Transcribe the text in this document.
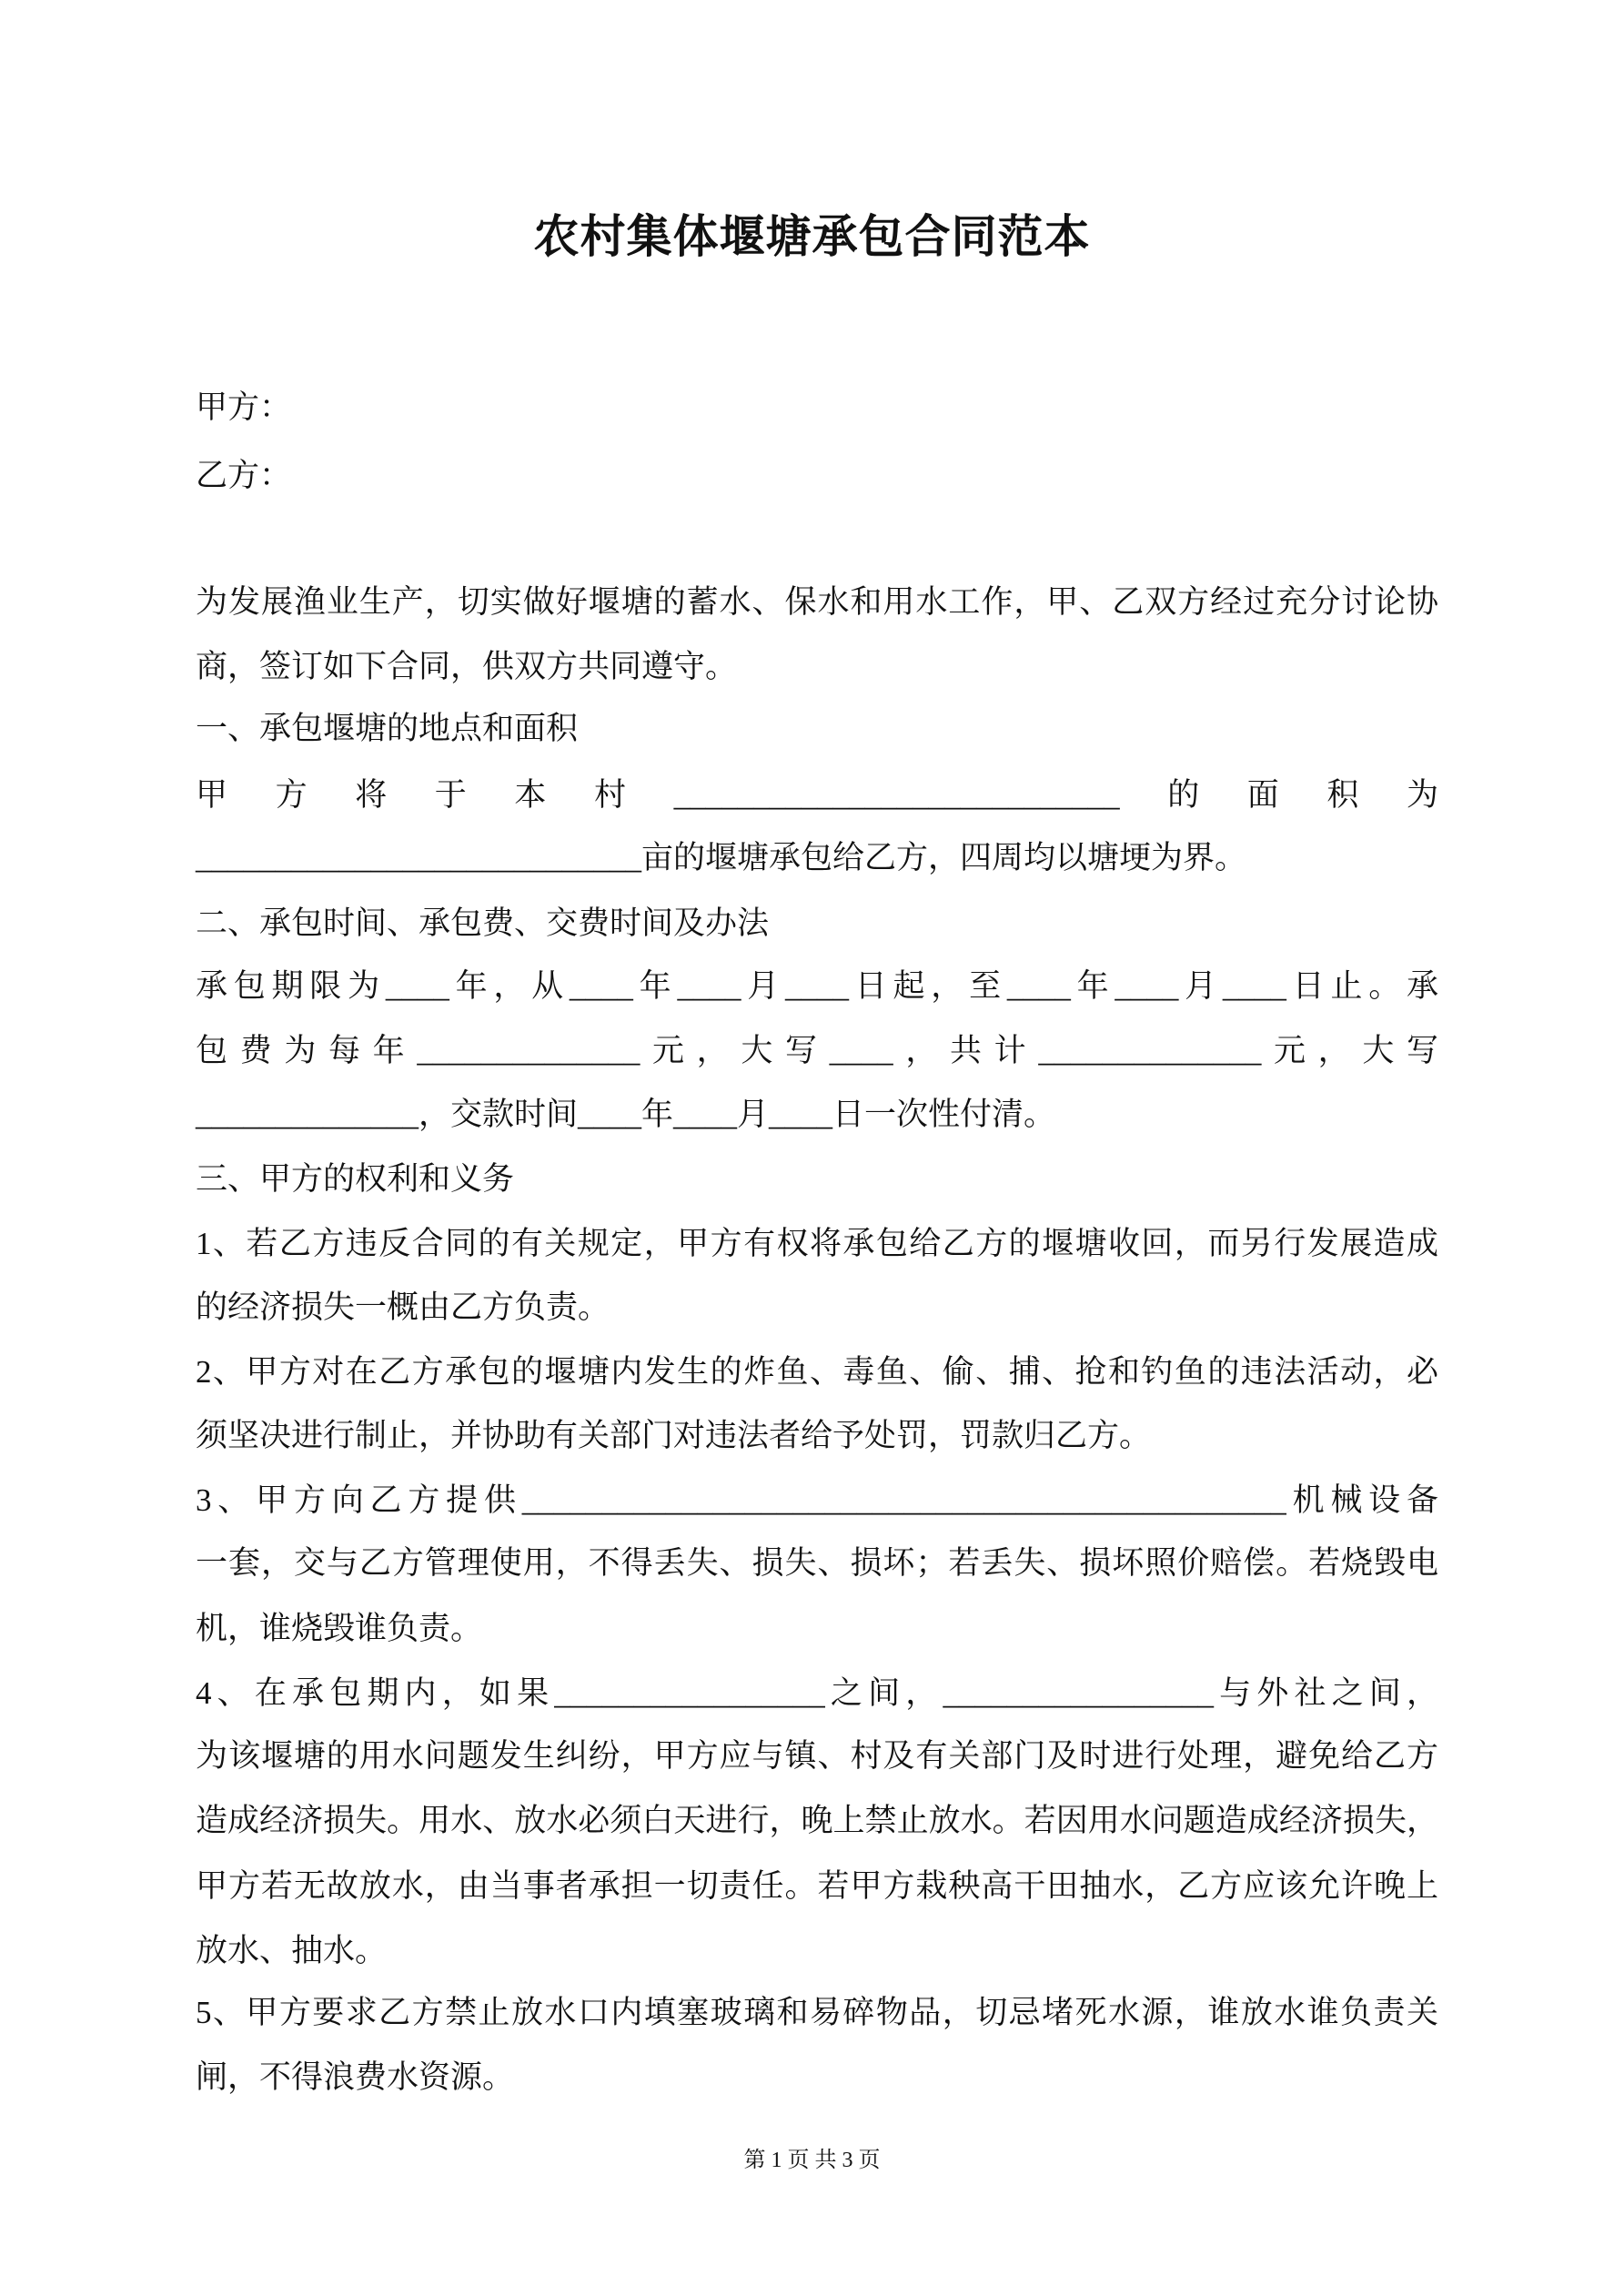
农村集体堰塘承包合同范本
甲方：
乙方：
为发展渔业生产，切实做好堰塘的蓄水、保水和用水工作，甲、乙双方经过充分讨论协
商，签订如下合同，供双方共同遵守。
一、承包堰塘的地点和面积
甲方将于本村____________________________的面积为
____________________________亩的堰塘承包给乙方，四周均以塘埂为界。
二、承包时间、承包费、交费时间及办法
承包期限为____年，从____年____月____日起，至____年____月____日止。承
包费为每年______________元，大写____，共计______________元，大写
______________，交款时间____年____月____日一次性付清。
三、甲方的权利和义务
1、若乙方违反合同的有关规定，甲方有权将承包给乙方的堰塘收回，而另行发展造成
的经济损失一概由乙方负责。
2、甲方对在乙方承包的堰塘内发生的炸鱼、毒鱼、偷、捕、抢和钓鱼的违法活动，必
须坚决进行制止，并协助有关部门对违法者给予处罚，罚款归乙方。
3、甲方向乙方提供________________________________________________机械设备
一套，交与乙方管理使用，不得丢失、损失、损坏；若丢失、损坏照价赔偿。若烧毁电
机，谁烧毁谁负责。
4、在承包期内，如果_________________之间，_________________与外社之间，
为该堰塘的用水问题发生纠纷，甲方应与镇、村及有关部门及时进行处理，避免给乙方
造成经济损失。用水、放水必须白天进行，晚上禁止放水。若因用水问题造成经济损失，
甲方若无故放水，由当事者承担一切责任。若甲方栽秧高干田抽水，乙方应该允许晚上
放水、抽水。
5、甲方要求乙方禁止放水口内填塞玻璃和易碎物品，切忌堵死水源，谁放水谁负责关
闸，不得浪费水资源。
第 1 页 共 3 页
